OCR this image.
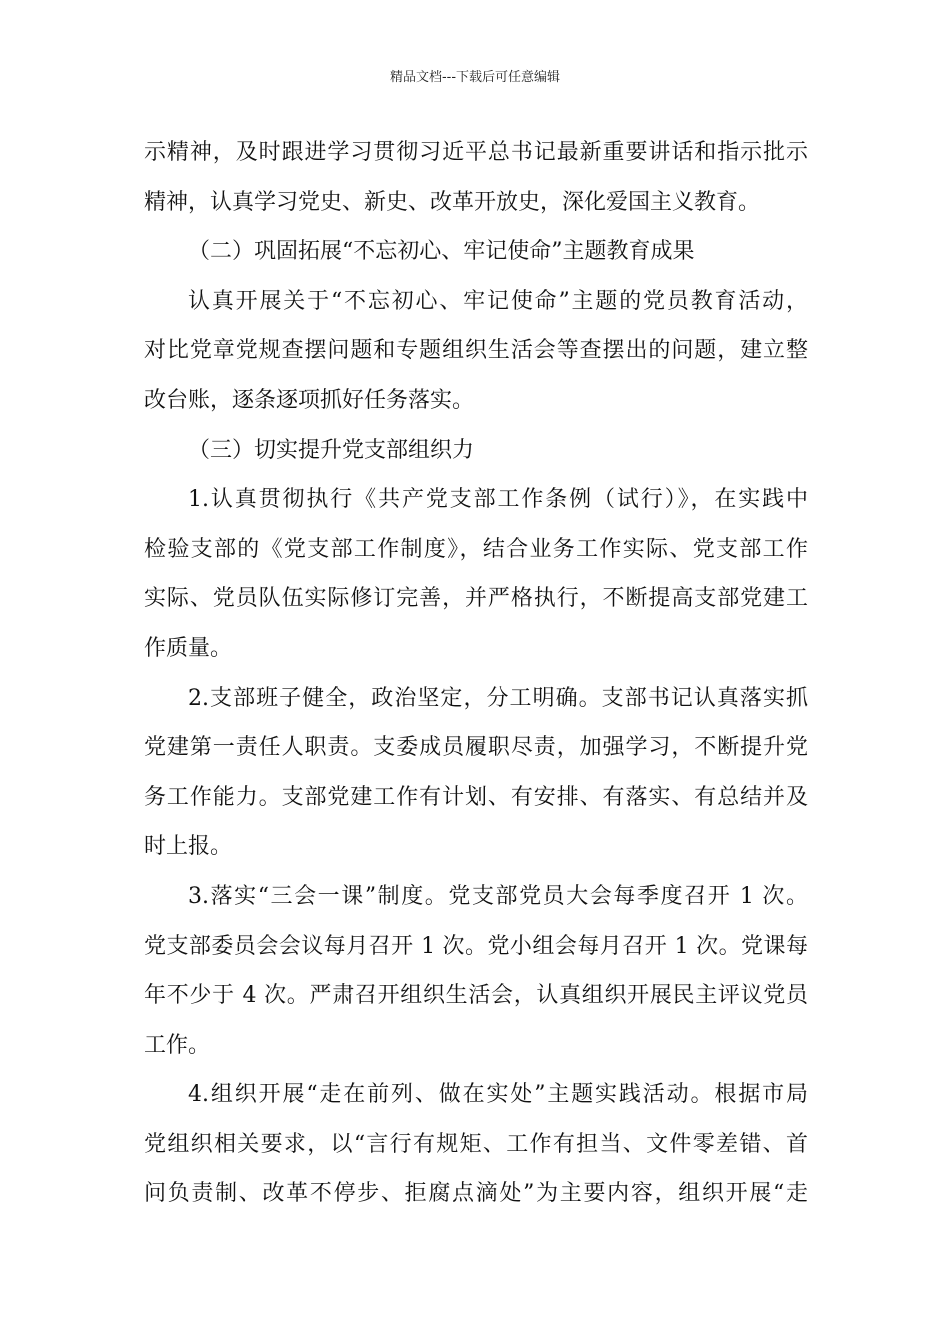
精品文档---下载后可任意编辑
示精神，及时跟进学习贯彻习近平总书记最新重要讲话和指示批示
精神，认真学习党史、新史、改革开放史，深化爱国主义教育。
（二）巩固拓展“不忘初心、牢记使命”主题教育成果
认真开展关于“不忘初心、牢记使命”主题的党员教育活动，
对比党章党规查摆问题和专题组织生活会等查摆出的问题，建立整
改台账，逐条逐项抓好任务落实。
（三）切实提升党支部组织力
1.认真贯彻执行《共产党支部工作条例（试行）》，在实践中
检验支部的《党支部工作制度》，结合业务工作实际、党支部工作
实际、党员队伍实际修订完善，并严格执行，不断提高支部党建工
作质量。
2.支部班子健全，政治坚定，分工明确。支部书记认真落实抓
党建第一责任人职责。支委成员履职尽责，加强学习，不断提升党
务工作能力。支部党建工作有计划、有安排、有落实、有总结并及
时上报。
3.落实“三会一课”制度。党支部党员大会每季度召开 1 次。
党支部委员会会议每月召开 1 次。党小组会每月召开 1 次。党课每
年不少于 4 次。严肃召开组织生活会，认真组织开展民主评议党员
工作。
4.组织开展“走在前列、做在实处”主题实践活动。根据市局
党组织相关要求，以“言行有规矩、工作有担当、文件零差错、首
问负责制、改革不停步、拒腐点滴处”为主要内容，组织开展“走
